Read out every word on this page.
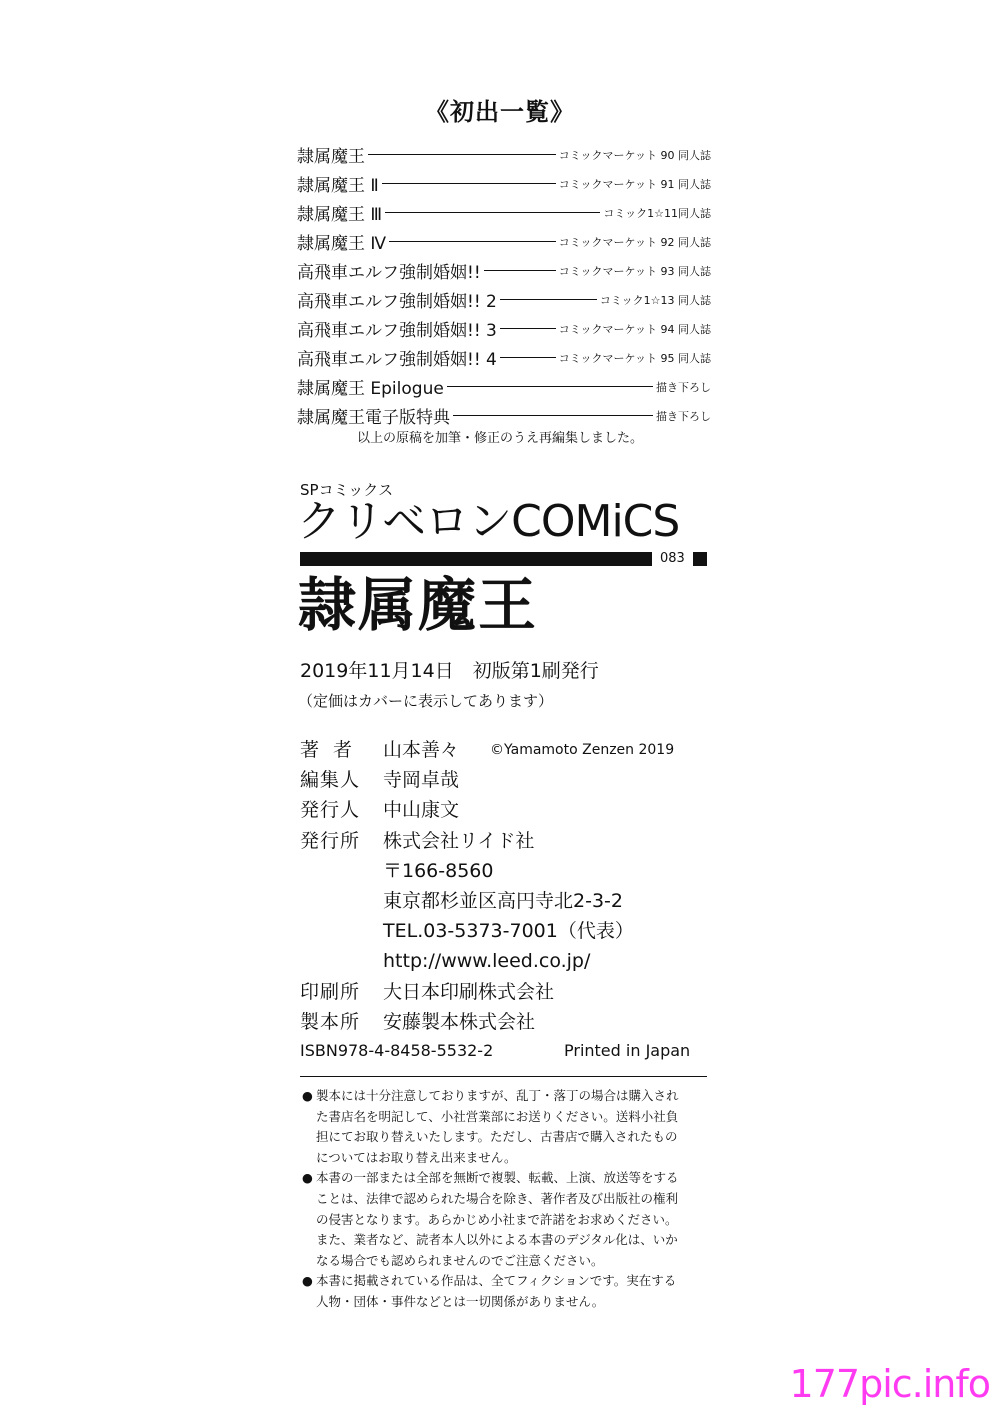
《初出一覧》
隷属魔王	コミックマーケット 90 同人誌
隷属魔王 Ⅱ	コミックマーケット 91 同人誌
隷属魔王 Ⅲ	コミック1☆11同人誌
隷属魔王 Ⅳ	コミックマーケット 92 同人誌
高飛車エルフ強制婚姻!!	コミックマーケット 93 同人誌
高飛車エルフ強制婚姻!! 2	コミック1☆13 同人誌
高飛車エルフ強制婚姻!! 3	コミックマーケット 94 同人誌
高飛車エルフ強制婚姻!! 4	コミックマーケット 95 同人誌
隷属魔王 Epilogue	描き下ろし
隷属魔王電子版特典	描き下ろし
以上の原稿を加筆・修正のうえ再編集しました。
SPコミックス
クリベロンCOMiCS
083
隷属魔王
2019年11月14日　初版第1刷発行
（定価はカバーに表示してあります）
著者 山本善々 ©Yamamoto Zenzen 2019
編集人 寺岡卓哉
発行人 中山康文
発行所 株式会社リイド社
〒166-8560
東京都杉並区高円寺北2-3-2
TEL.03-5373-7001（代表）
http://www.leed.co.jp/
印刷所 大日本印刷株式会社
製本所 安藤製本株式会社
ISBN978-4-8458-5532-2	Printed in Japan
● 製本には十分注意しておりますが、乱丁・落丁の場合は購入され
た書店名を明記して、小社営業部にお送りください。送料小社負
担にてお取り替えいたします。ただし、古書店で購入されたもの
についてはお取り替え出来ません。
● 本書の一部または全部を無断で複製、転載、上演、放送等をする
ことは、法律で認められた場合を除き、著作者及び出版社の権利
の侵害となります。あらかじめ小社まで許諾をお求めください。
また、業者など、読者本人以外による本書のデジタル化は、いか
なる場合でも認められませんのでご注意ください。
● 本書に掲載されている作品は、全てフィクションです。実在する
人物・団体・事件などとは一切関係がありません。
177pic.info
